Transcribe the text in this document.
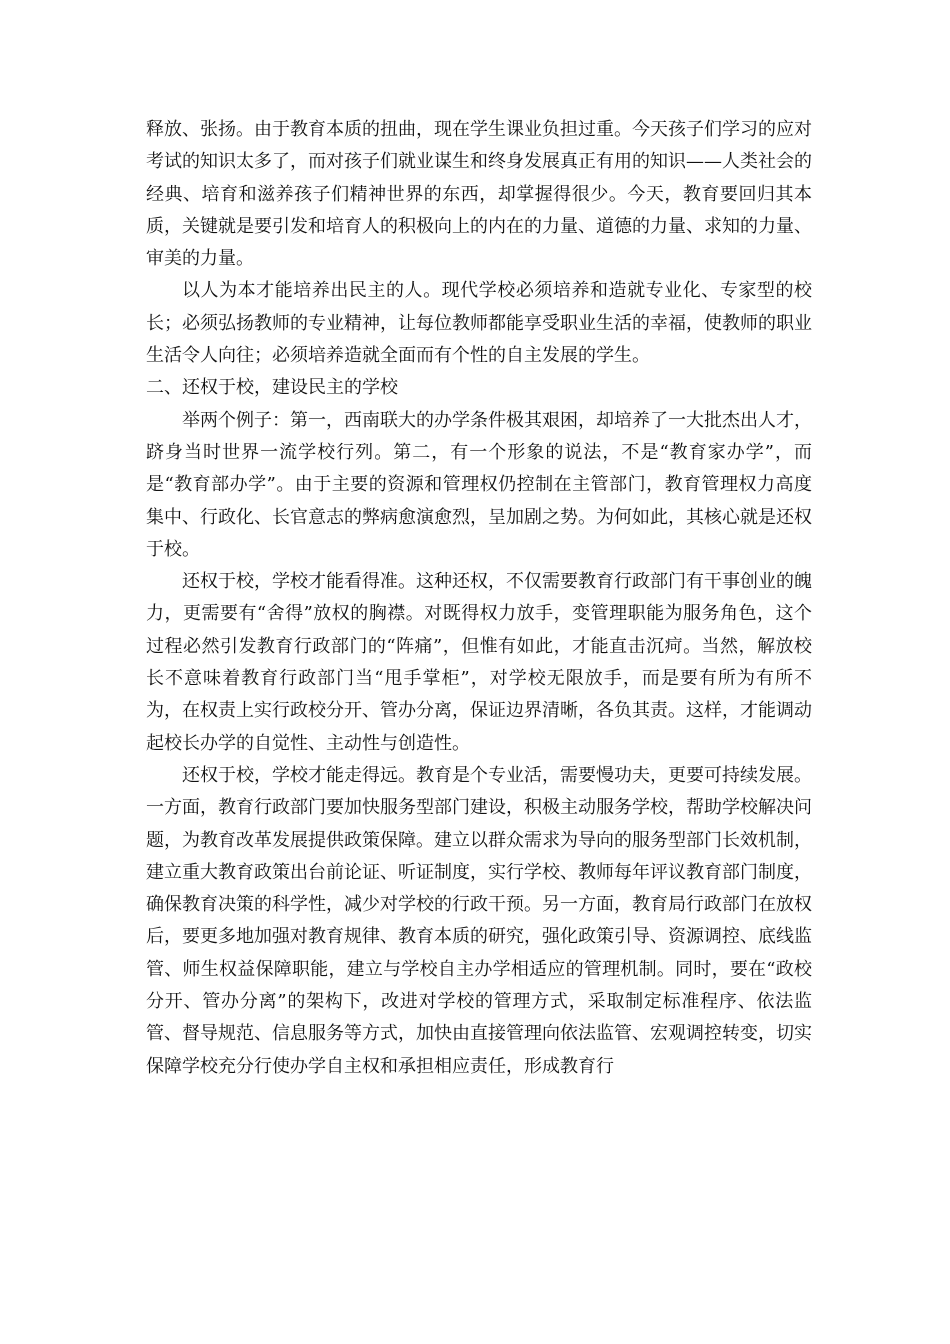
释放、张扬。由于教育本质的扭曲，现在学生课业负担过重。今天孩子们学习的应对考试的知识太多了，而对孩子们就业谋生和终身发展真正有用的知识——人类社会的经典、培育和滋养孩子们精神世界的东西，却掌握得很少。今天，教育要回归其本质，关键就是要引发和培育人的积极向上的内在的力量、道德的力量、求知的力量、审美的力量。

以人为本才能培养出民主的人。现代学校必须培养和造就专业化、专家型的校长；必须弘扬教师的专业精神，让每位教师都能享受职业生活的幸福，使教师的职业生活令人向往；必须培养造就全面而有个性的自主发展的学生。

二、还权于校，建设民主的学校

举两个例子：第一，西南联大的办学条件极其艰困，却培养了一大批杰出人才，跻身当时世界一流学校行列。第二，有一个形象的说法，不是“教育家办学”，而是“教育部办学”。由于主要的资源和管理权仍控制在主管部门，教育管理权力高度集中、行政化、长官意志的弊病愈演愈烈，呈加剧之势。为何如此，其核心就是还权于校。

还权于校，学校才能看得准。这种还权，不仅需要教育行政部门有干事创业的魄力，更需要有“舍得”放权的胸襟。对既得权力放手，变管理职能为服务角色，这个过程必然引发教育行政部门的“阵痛”，但惟有如此，才能直击沉疴。当然，解放校长不意味着教育行政部门当“甩手掌柜”，对学校无限放手，而是要有所为有所不为，在权责上实行政校分开、管办分离，保证边界清晰，各负其责。这样，才能调动起校长办学的自觉性、主动性与创造性。

还权于校，学校才能走得远。教育是个专业活，需要慢功夫，更要可持续发展。一方面，教育行政部门要加快服务型部门建设，积极主动服务学校，帮助学校解决问题，为教育改革发展提供政策保障。建立以群众需求为导向的服务型部门长效机制，建立重大教育政策出台前论证、听证制度，实行学校、教师每年评议教育部门制度，确保教育决策的科学性，减少对学校的行政干预。另一方面，教育局行政部门在放权后，要更多地加强对教育规律、教育本质的研究，强化政策引导、资源调控、底线监管、师生权益保障职能，建立与学校自主办学相适应的管理机制。同时，要在“政校分开、管办分离”的架构下，改进对学校的管理方式，采取制定标准程序、依法监管、督导规范、信息服务等方式，加快由直接管理向依法监管、宏观调控转变，切实保障学校充分行使办学自主权和承担相应责任，形成教育行
